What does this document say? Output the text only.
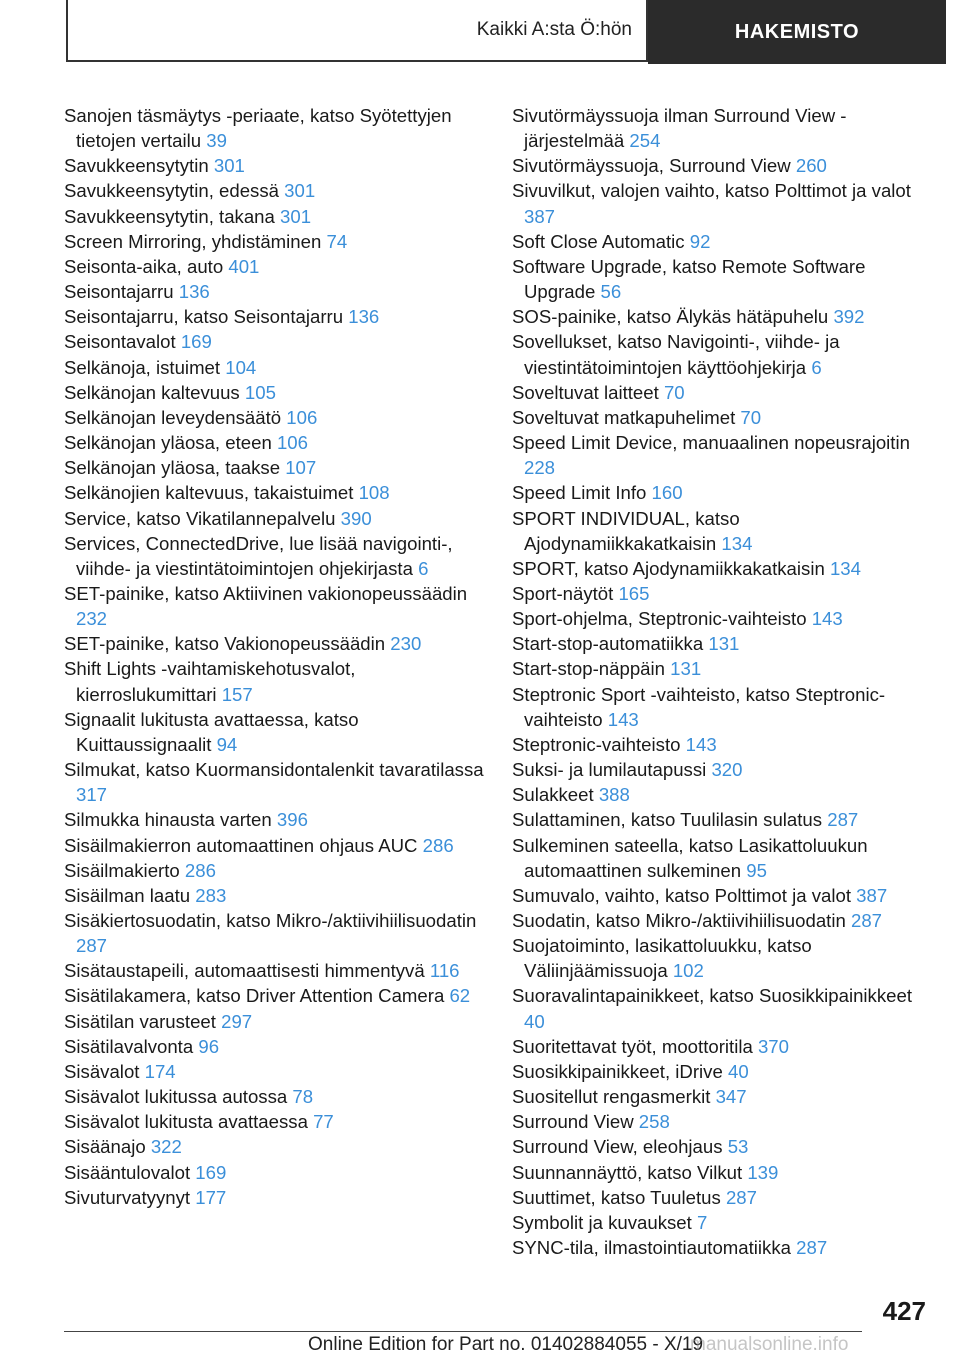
Kaikki A:sta Ö:hön	HAKEMISTO
Sanojen täsmäytys -periaate, katso Syötettyjen tietojen vertailu 39
Savukkeensytytin 301
Savukkeensytytin, edessä 301
Savukkeensytytin, takana 301
Screen Mirroring, yhdistäminen 74
Seisonta-aika, auto 401
Seisontajarru 136
Seisontajarru, katso Seisontajarru 136
Seisontavalot 169
Selkänoja, istuimet 104
Selkänojan kaltevuus 105
Selkänojan leveydensäätö 106
Selkänojan yläosa, eteen 106
Selkänojan yläosa, taakse 107
Selkänojien kaltevuus, takaistuimet 108
Service, katso Vikatilannepalvelu 390
Services, ConnectedDrive, lue lisää navigointi-, viihde- ja viestintätoimintojen ohjekirjasta 6
SET-painike, katso Aktiivinen vakionopeussäädin 232
SET-painike, katso Vakionopeussäädin 230
Shift Lights -vaihtamiskehotusvalot, kierroslukumittari 157
Signaalit lukitusta avattaessa, katso Kuittaussignaalit 94
Silmukat, katso Kuormansidontalenkit tavaratilassa 317
Silmukka hinausta varten 396
Sisäilmakierron automaattinen ohjaus AUC 286
Sisäilmakierto 286
Sisäilman laatu 283
Sisäkiertosuodatin, katso Mikro-/aktiivihiilisuodatin 287
Sisätaustapeili, automaattisesti himmentyvä 116
Sisätilakamera, katso Driver Attention Camera 62
Sisätilan varusteet 297
Sisätilavalvonta 96
Sisävalot 174
Sisävalot lukitussa autossa 78
Sisävalot lukitusta avattaessa 77
Sisäänajo 322
Sisääntulovalot 169
Sivuturvatyynyt 177
Sivutörmäyssuoja ilman Surround View -järjestelmää 254
Sivutörmäyssuoja, Surround View 260
Sivuvilkut, valojen vaihto, katso Polttimot ja valot 387
Soft Close Automatic 92
Software Upgrade, katso Remote Software Upgrade 56
SOS-painike, katso Älykäs hätäpuhelu 392
Sovellukset, katso Navigointi-, viihde- ja viestintätoimintojen käyttöohjekirja 6
Soveltuvat laitteet 70
Soveltuvat matkapuhelimet 70
Speed Limit Device, manuaalinen nopeusrajoitin 228
Speed Limit Info 160
SPORT INDIVIDUAL, katso Ajodynamiikkakatkaisin 134
SPORT, katso Ajodynamiikkakatkaisin 134
Sport-näytöt 165
Sport-ohjelma, Steptronic-vaihteisto 143
Start-stop-automatiikka 131
Start-stop-näppäin 131
Steptronic Sport -vaihteisto, katso Steptronic-vaihteisto 143
Steptronic-vaihteisto 143
Suksi- ja lumilautapussi 320
Sulakkeet 388
Sulattaminen, katso Tuulilasin sulatus 287
Sulkeminen sateella, katso Lasikattoluukun automaattinen sulkeminen 95
Sumuvalo, vaihto, katso Polttimot ja valot 387
Suodatin, katso Mikro-/aktiivihiilisuodatin 287
Suojatoiminto, lasikattoluukku, katso Väliinjäämissuoja 102
Suoravalintapainikkeet, katso Suosikkipainikkeet 40
Suoritettavat työt, moottoritila 370
Suosikkipainikkeet, iDrive 40
Suositellut rengasmerkit 347
Surround View 258
Surround View, eleohjaus 53
Suunnannäyttö, katso Vilkut 139
Suuttimet, katso Tuuletus 287
Symbolit ja kuvaukset 7
SYNC-tila, ilmastointiautomatiikka 287
427
Online Edition for Part no. 01402884055 - X/19
manualsonline.info
